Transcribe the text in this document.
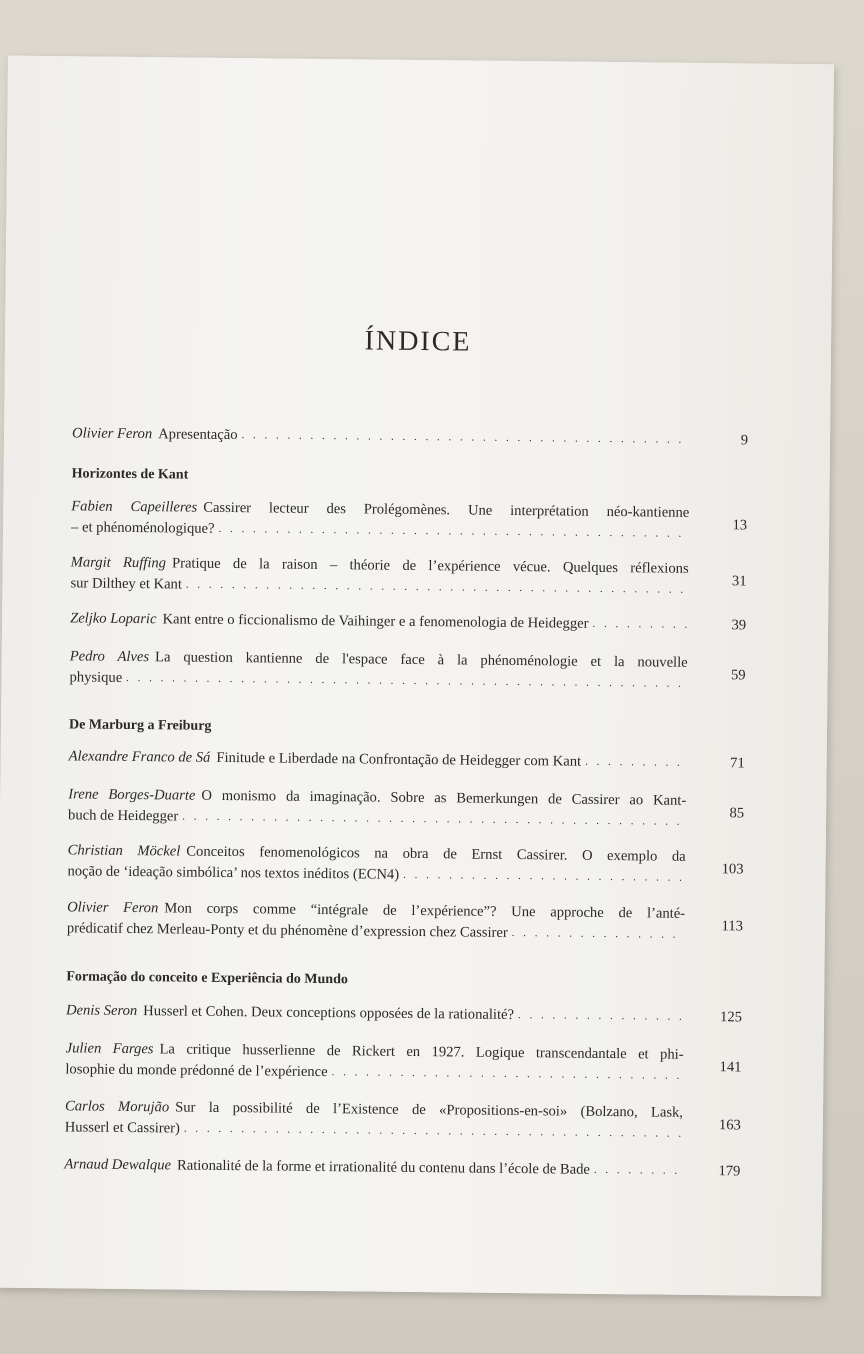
ÍNDICE
Olivier Feron Apresentação . . .	9
Horizontes de Kant
Fabien Capeilleres Cassirer lecteur des Prolégomènes. Une interprétation néo-kantienne
– et phénoménologique? . . .	13
Margit Ruffing Pratique de la raison – théorie de l’expérience vécue. Quelques réflexions
sur Dilthey et Kant . . .	31
Zeljko Loparic Kant entre o ficcionalismo de Vaihinger e a fenomenologia de Heidegger . . .	39
Pedro Alves La question kantienne de l'espace face à la phénoménologie et la nouvelle
physique . . .	59
De Marburg a Freiburg
Alexandre Franco de Sá Finitude e Liberdade na Confrontação de Heidegger com Kant . . .	71
Irene Borges-Duarte O monismo da imaginação. Sobre as Bemerkungen de Cassirer ao Kant-
buch de Heidegger . . .	85
Christian Möckel Conceitos fenomenológicos na obra de Ernst Cassirer. O exemplo da
noção de ‘ideação simbólica’ nos textos inéditos (ECN4) . . .	103
Olivier Feron Mon corps comme “intégrale de l’expérience”? Une approche de l’anté-
prédicatif chez Merleau-Ponty et du phénomène d’expression chez Cassirer . . .	113
Formação do conceito e Experiência do Mundo
Denis Seron Husserl et Cohen. Deux conceptions opposées de la rationalité? . . .	125
Julien Farges La critique husserlienne de Rickert en 1927. Logique transcendantale et phi-
losophie du monde prédonné de l’expérience . . .	141
Carlos Morujão Sur la possibilité de l’Existence de «Propositions-en-soi» (Bolzano, Lask,
Husserl et Cassirer) . . .	163
Arnaud Dewalque Rationalité de la forme et irrationalité du contenu dans l’école de Bade . . .	179
